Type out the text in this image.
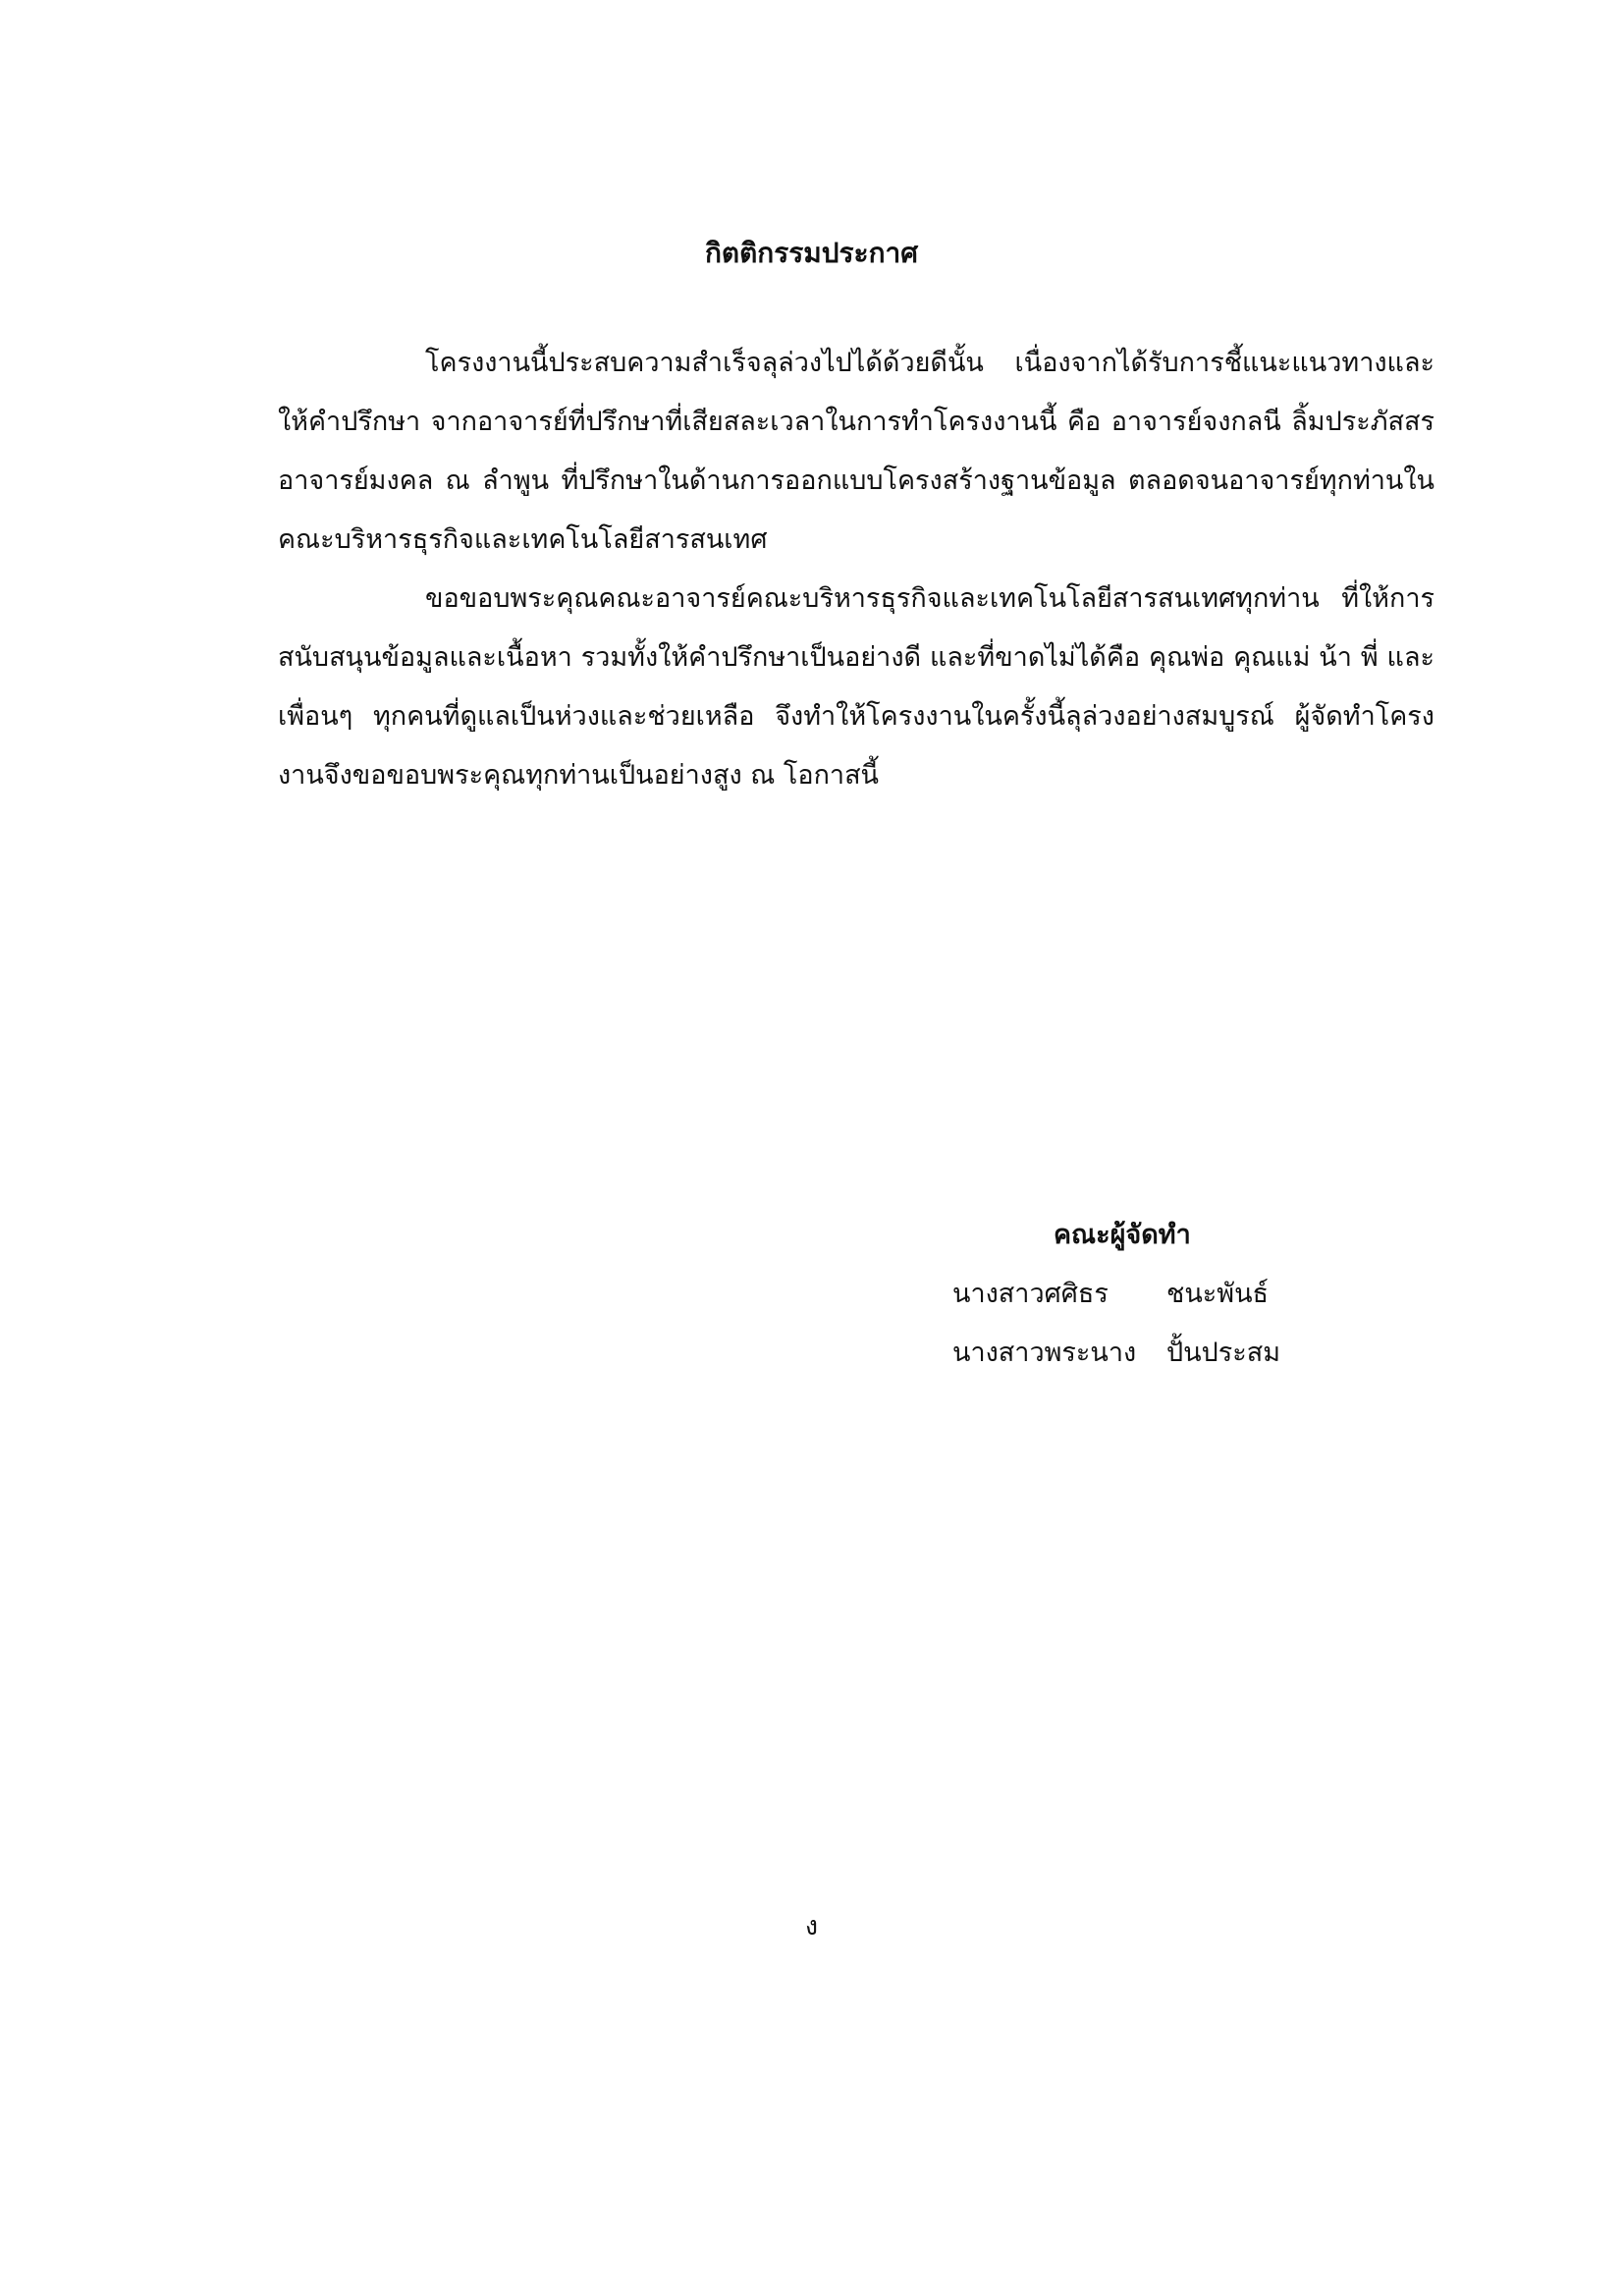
กิตติกรรมประกาศ

โครงงานนี้ประสบความสำเร็จลุล่วงไปได้ด้วยดีนั้น เนื่องจากได้รับการชี้แนะแนวทางและให้คำปรึกษา จากอาจารย์ที่ปรึกษาที่เสียสละเวลาในการทำโครงงานนี้ คือ อาจารย์จงกลนี ลิ้มประภัสสร อาจารย์มงคล ณ ลำพูน ที่ปรึกษาในด้านการออกแบบโครงสร้างฐานข้อมูล ตลอดจนอาจารย์ทุกท่านในคณะบริหารธุรกิจและเทคโนโลยีสารสนเทศ

ขอขอบพระคุณคณะอาจารย์คณะบริหารธุรกิจและเทคโนโลยีสารสนเทศทุกท่าน ที่ให้การสนับสนุนข้อมูลและเนื้อหา รวมทั้งให้คำปรึกษาเป็นอย่างดี และที่ขาดไม่ได้คือ คุณพ่อ คุณแม่ น้า พี่ และเพื่อนๆ ทุกคนที่ดูแลเป็นห่วงและช่วยเหลือ จึงทำให้โครงงานในครั้งนี้ลุล่วงอย่างสมบูรณ์ ผู้จัดทำโครงงานจึงขอขอบพระคุณทุกท่านเป็นอย่างสูง ณ โอกาสนี้

คณะผู้จัดทำ
นางสาวศศิธร	ชนะพันธ์
นางสาวพระนาง	ปั้นประสม
ง
